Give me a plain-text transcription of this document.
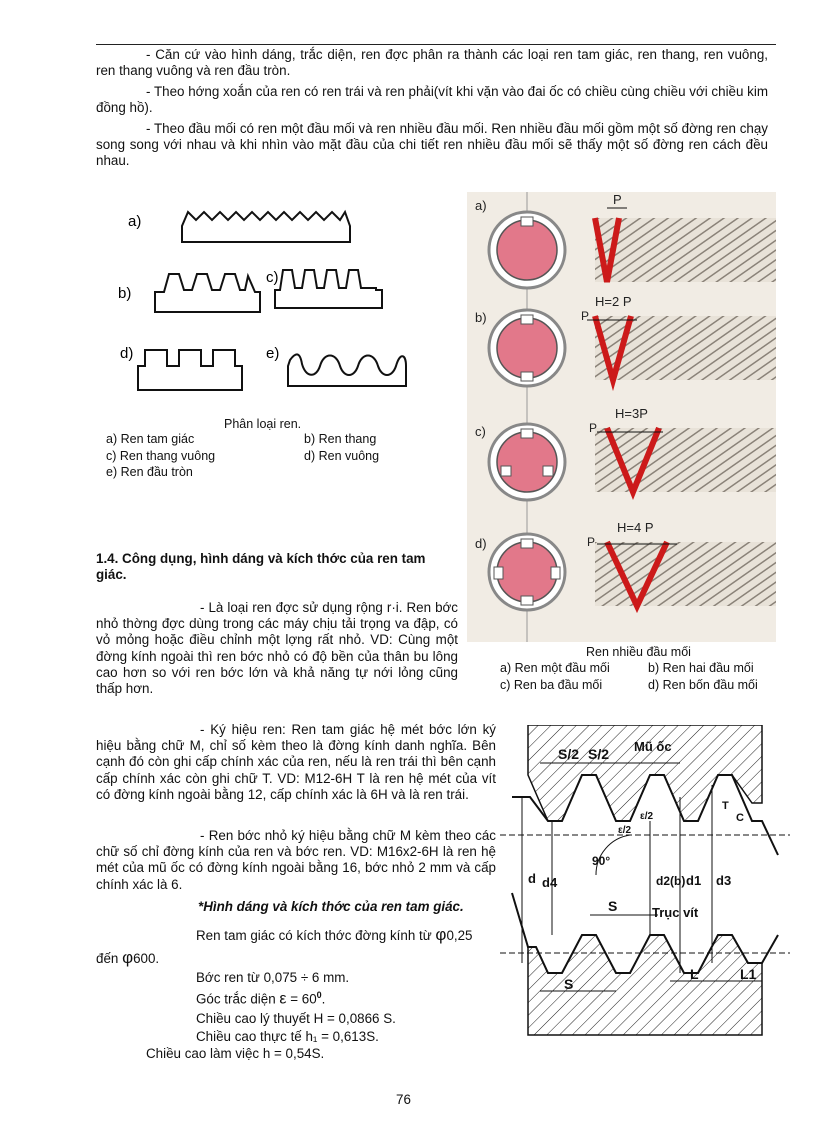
- Căn cứ vào hình dáng, trắc diện, ren đợc phân ra thành các loại ren tam giác, ren thang, ren vuông, ren thang vuông và ren đầu tròn.
- Theo hớng xoắn của ren có ren trái và ren phải(vít khi vặn vào đai ốc có chiều cùng chiều với chiều kim đồng hồ).
- Theo đầu mối có ren một đầu mối và ren nhiều đầu mối. Ren nhiều đầu mối gồm một số đờng ren chạy song song với nhau và khi nhìn vào mặt đầu của chi tiết ren nhiều đầu mối sẽ thấy một số đờng ren cách đều nhau.
a)
b)
c)
d)	e)
Phân loại ren.
a) Ren tam giác	b) Ren thang
c) Ren thang vuông	d) Ren vuông
e) Ren đầu tròn
a)
b)
c)
d)
P
H=2 P
P
H=3P
P
H=4 P
P
Ren nhiều đầu mối
a) Ren một đầu mối	b) Ren hai đầu mối
c) Ren ba đầu mối	d) Ren bốn đầu mối
1.4. Công dụng, hình dáng và kích thớc của ren tam giác.
- Là loại ren đợc sử dụng rộng r·i. Ren bớc nhỏ thờng đợc dùng trong các máy chịu tải trọng va đập, có vỏ mỏng hoặc điều chỉnh một lợng rất nhỏ. VD: Cùng một đờng kính ngoài thì ren bớc nhỏ có độ bền của thân bu lông cao hơn so với ren bớc lớn và khả năng tự nới lỏng cũng thấp hơn.
- Ký hiệu ren: Ren tam giác hệ mét bớc lớn ký hiệu bằng chữ M, chỉ số kèm theo là đờng kính danh nghĩa. Bên cạnh đó còn ghi cấp chính xác của ren, nếu là ren trái thì bên cạnh cấp chính xác còn ghi chữ T. VD: M12-6H T là ren hệ mét của vít có đờng kính ngoài bằng 12, cấp chính xác là 6H và là ren trái.
- Ren bớc nhỏ ký hiệu bằng chữ M kèm theo các chữ số chỉ đờng kính của ren và bớc ren. VD: M16x2-6H là ren hệ mét của mũ ốc có đờng kính ngoài bằng 16, bớc nhỏ 2 mm và cấp chính xác là 6.
*Hình dáng và kích thớc của ren tam giác.
Ren tam giác có kích thớc đờng kính từ φ0,25
đến φ600.
Bớc ren từ 0,075 ÷ 6 mm.
Góc trắc diện $\varepsilon = 60^0$.
Chiều cao lý thuyết H = 0,0866 S.
Chiều cao thực tế h₁ = 0,613S.
Chiều cao làm việc h = 0,54S.
S/2 S/2 Mũ ốc
90°
ε/2
ε/2
T
C
d d4	d2(b) d1 d3
S	Trục vít
S
L	L1
76
